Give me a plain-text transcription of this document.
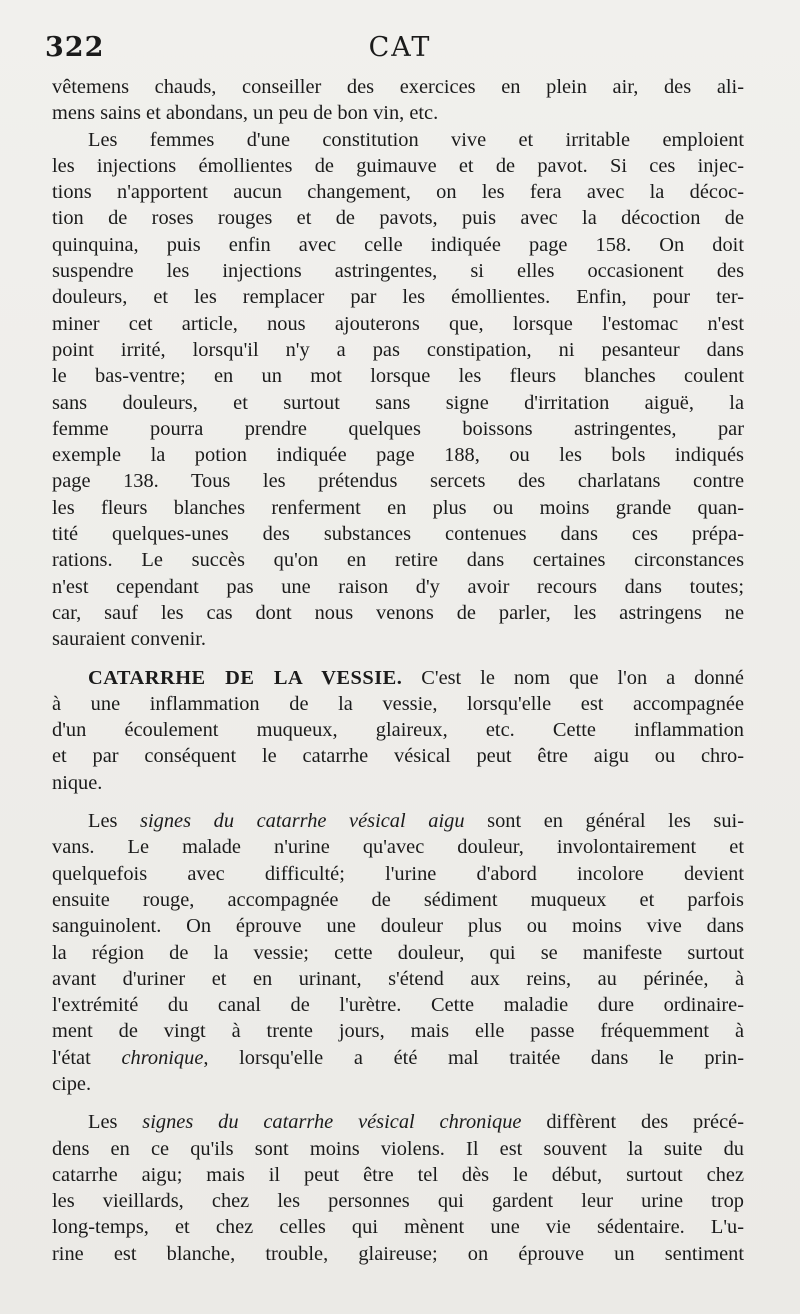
322	CAT
vêtemens chauds, conseiller des exercices en plein air, des ali-
mens sains et abondans, un peu de bon vin, etc.
Les femmes d'une constitution vive et irritable emploient
les injections émollientes de guimauve et de pavot. Si ces injec-
tions n'apportent aucun changement, on les fera avec la décoc-
tion de roses rouges et de pavots, puis avec la décoction de
quinquina, puis enfin avec celle indiquée page 158. On doit
suspendre les injections astringentes, si elles occasionent des
douleurs, et les remplacer par les émollientes. Enfin, pour ter-
miner cet article, nous ajouterons que, lorsque l'estomac n'est
point irrité, lorsqu'il n'y a pas constipation, ni pesanteur dans
le bas-ventre; en un mot lorsque les fleurs blanches coulent
sans douleurs, et surtout sans signe d'irritation aiguë, la
femme pourra prendre quelques boissons astringentes, par
exemple la potion indiquée page 188, ou les bols indiqués
page 138. Tous les prétendus sercets des charlatans contre
les fleurs blanches renferment en plus ou moins grande quan-
tité quelques-unes des substances contenues dans ces prépa-
rations. Le succès qu'on en retire dans certaines circonstances
n'est cependant pas une raison d'y avoir recours dans toutes;
car, sauf les cas dont nous venons de parler, les astringens ne
sauraient convenir.
CATARRHE DE LA VESSIE. C'est le nom que l'on a donné
à une inflammation de la vessie, lorsqu'elle est accompagnée
d'un écoulement muqueux, glaireux, etc. Cette inflammation
et par conséquent le catarrhe vésical peut être aigu ou chro-
nique.
Les signes du catarrhe vésical aigu sont en général les sui-
vans. Le malade n'urine qu'avec douleur, involontairement et
quelquefois avec difficulté; l'urine d'abord incolore devient
ensuite rouge, accompagnée de sédiment muqueux et parfois
sanguinolent. On éprouve une douleur plus ou moins vive dans
la région de la vessie; cette douleur, qui se manifeste surtout
avant d'uriner et en urinant, s'étend aux reins, au périnée, à
l'extrémité du canal de l'urètre. Cette maladie dure ordinaire-
ment de vingt à trente jours, mais elle passe fréquemment à
l'état chronique, lorsqu'elle a été mal traitée dans le prin-
cipe.
Les signes du catarrhe vésical chronique diffèrent des précé-
dens en ce qu'ils sont moins violens. Il est souvent la suite du
catarrhe aigu; mais il peut être tel dès le début, surtout chez
les vieillards, chez les personnes qui gardent leur urine trop
long-temps, et chez celles qui mènent une vie sédentaire. L'u-
rine est blanche, trouble, glaireuse; on éprouve un sentiment
